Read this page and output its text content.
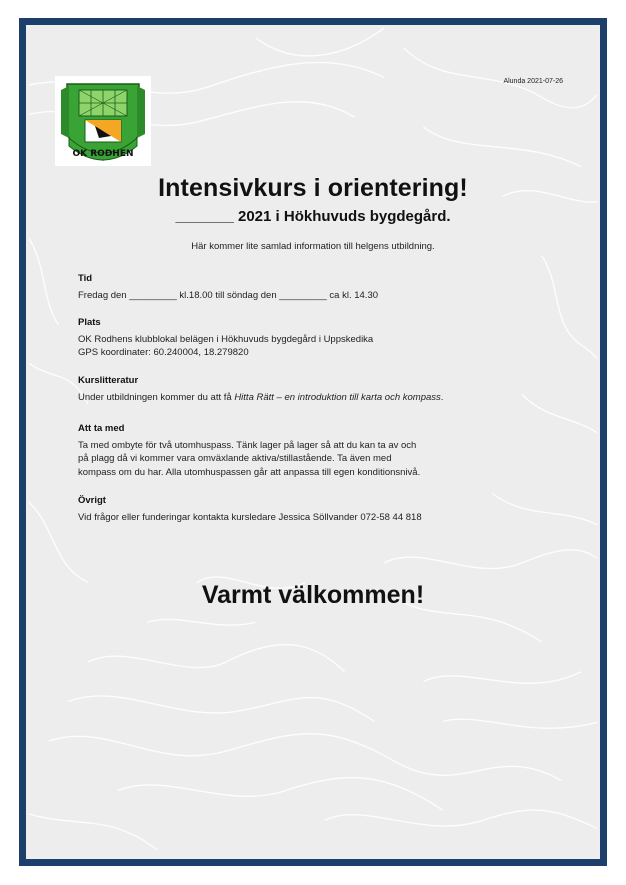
OK RODHEN
Alunda 2021-07-26
Intensivkurs i orientering!
_______ 2021 i Hökhuvuds bygdegård.
Här kommer lite samlad information till helgens utbildning.
Tid

Fredag den _________ kl.18.00 till söndag den _________ ca kl. 14.30

Plats

OK Rodhens klubblokal belägen i Hökhuvuds bygdegård i Uppskedika

GPS koordinater: 60.240004, 18.279820

Kurslitteratur

Under utbildningen kommer du att få Hitta Rätt – en introduktion till karta och kompass.

Att ta med

Ta med ombyte för två utomhuspass. Tänk lager på lager så att du kan ta av och

på plagg då vi kommer vara omväxlande aktiva/stillastående. Ta även med

kompass om du har. Alla utomhuspassen går att anpassa till egen konditionsnivå.

Övrigt

Vid frågor eller funderingar kontakta kursledare Jessica Söllvander 072-58 44 818

Varmt välkommen!
